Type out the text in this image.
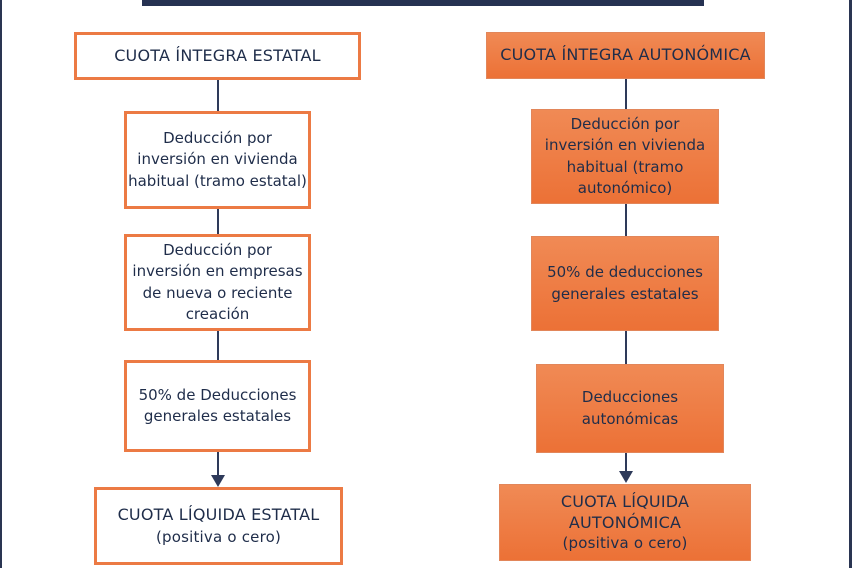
CUOTA ÍNTEGRA ESTATAL
Deducción por
inversión en vivienda
habitual (tramo estatal)
Deducción por
inversión en empresas
de nueva o reciente
creación
50% de Deducciones
generales estatales
CUOTA LÍQUIDA ESTATAL
(positiva o cero)
CUOTA ÍNTEGRA AUTONÓMICA
Deducción por
inversión en vivienda
habitual (tramo
autonómico)
50% de deducciones
generales estatales
Deducciones
autonómicas
CUOTA LÍQUIDA
AUTONÓMICA
(positiva o cero)
